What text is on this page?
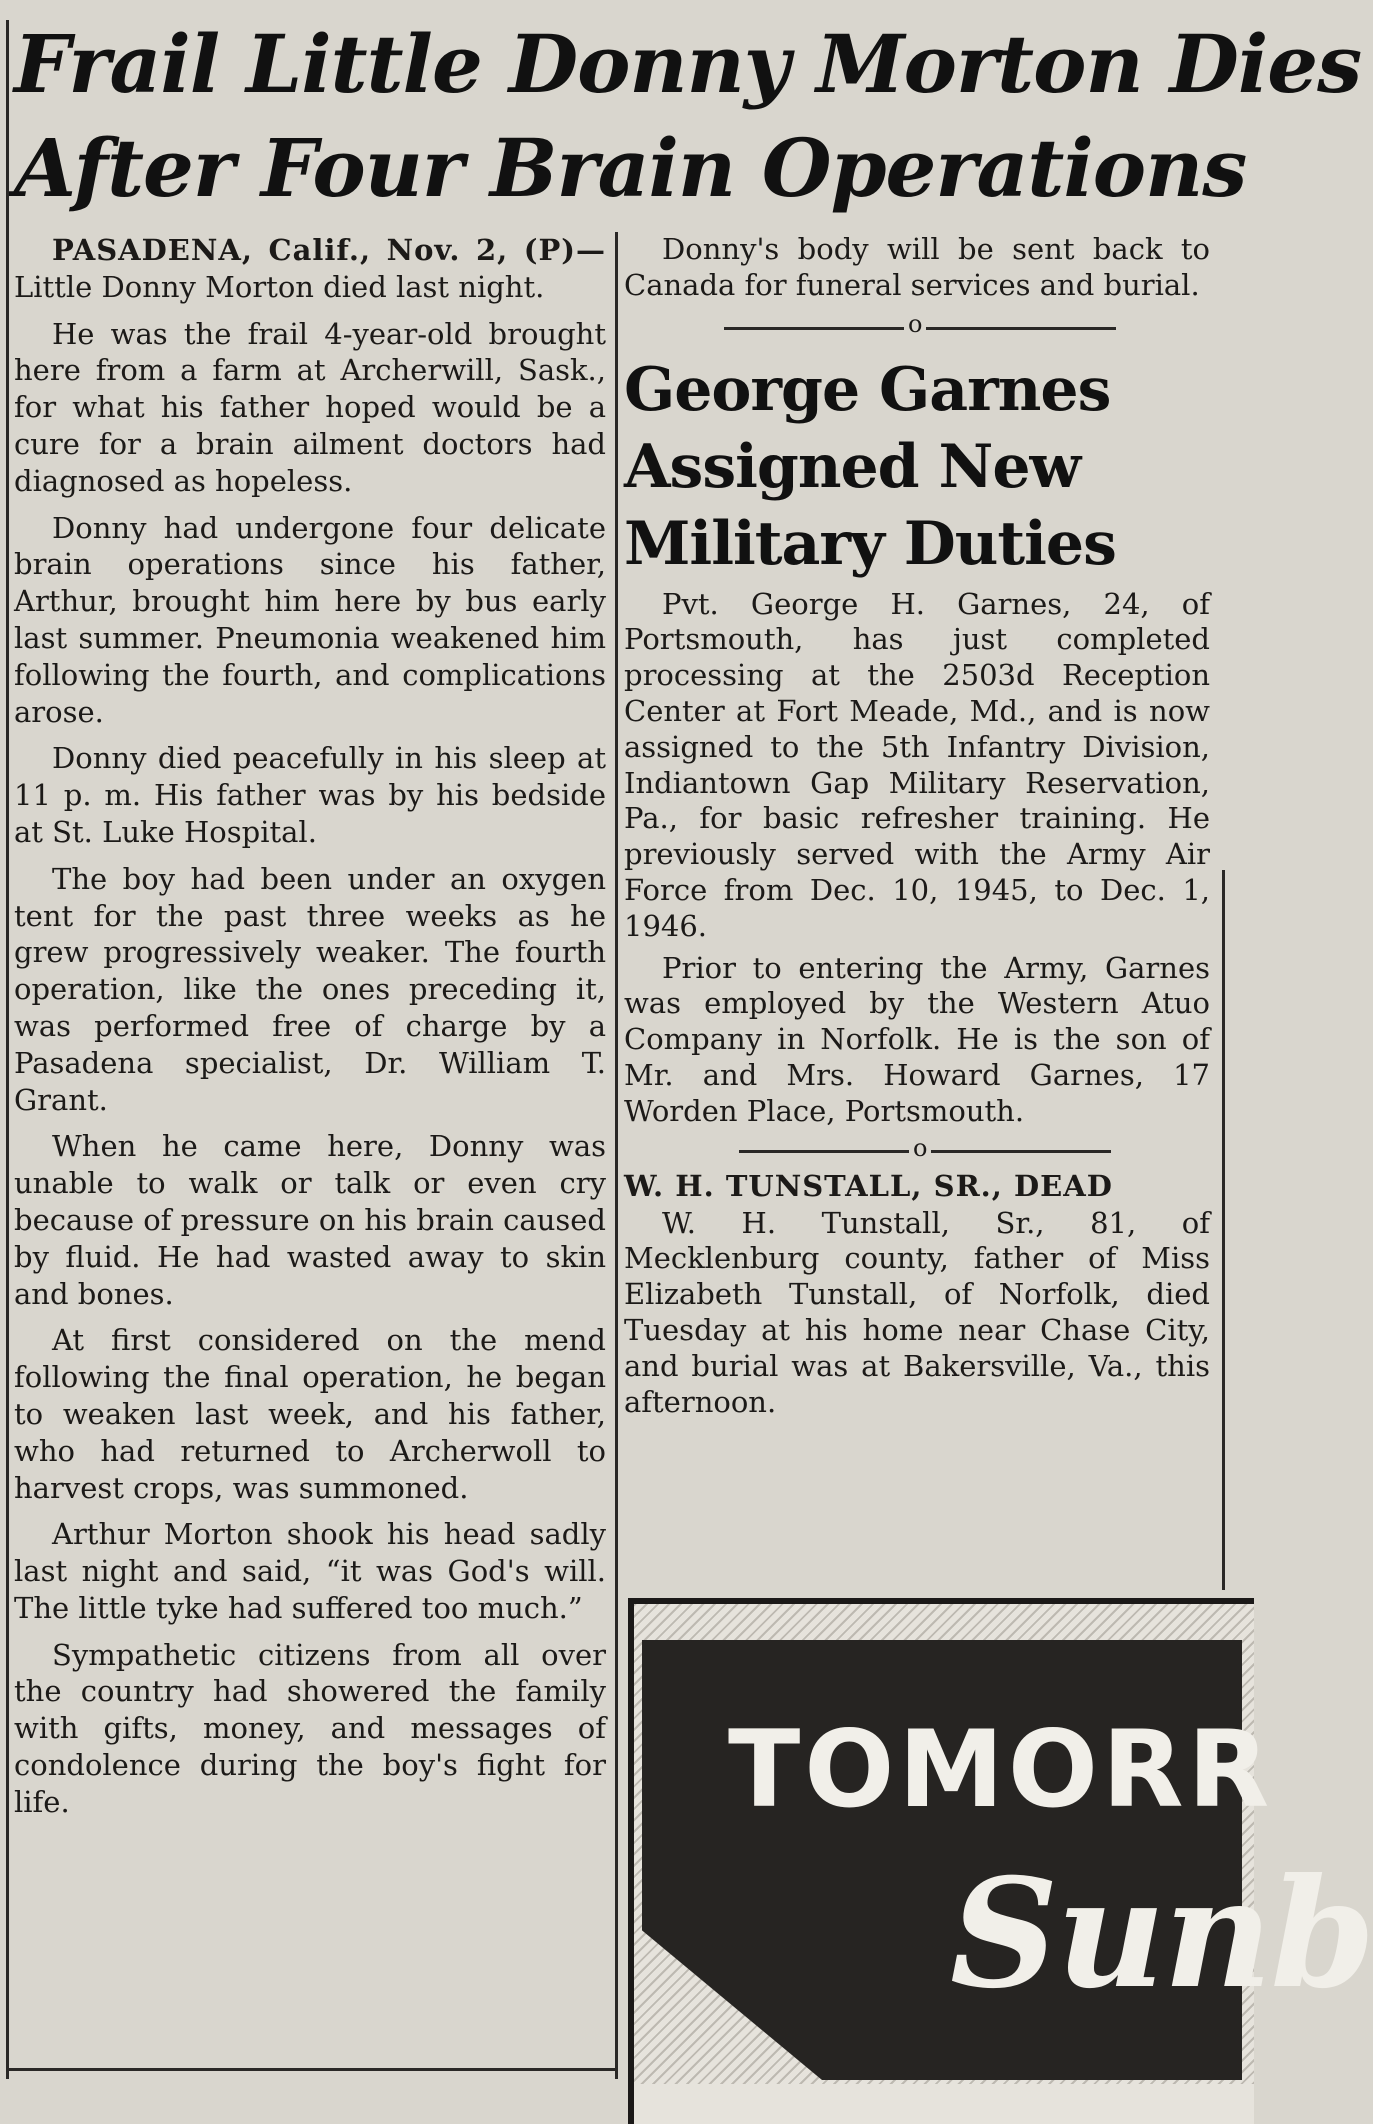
Frail Little Donny Morton Dies
After Four Brain Operations

PASADENA, Calif., Nov. 2, (P)— Little Donny Morton died last night.

He was the frail 4-year-old brought here from a farm at Archerwill, Sask., for what his father hoped would be a cure for a brain ailment doctors had diagnosed as hopeless.

Donny had undergone four delicate brain operations since his father, Arthur, brought him here by bus early last summer. Pneumonia weakened him following the fourth, and complications arose.

Donny died peacefully in his sleep at 11 p. m. His father was by his bedside at St. Luke Hospital.

The boy had been under an oxygen tent for the past three weeks as he grew progressively weaker. The fourth operation, like the ones preceding it, was performed free of charge by a Pasadena specialist, Dr. William T. Grant.

When he came here, Donny was unable to walk or talk or even cry because of pressure on his brain caused by fluid. He had wasted away to skin and bones.

At first considered on the mend following the final operation, he began to weaken last week, and his father, who had returned to Archerwoll to harvest crops, was summoned.

Arthur Morton shook his head sadly last night and said, “it was God's will. The little tyke had suffered too much.”

Sympathetic citizens from all over the country had showered the family with gifts, money, and messages of condolence during the boy's fight for life.

Donny's body will be sent back to Canada for funeral services and burial.

o
George Garnes
Assigned New
Military Duties

Pvt. George H. Garnes, 24, of Portsmouth, has just completed processing at the 2503d Reception Center at Fort Meade, Md., and is now assigned to the 5th Infantry Division, Indiantown Gap Military Reservation, Pa., for basic refresher training. He previously served with the Army Air Force from Dec. 10, 1945, to Dec. 1, 1946.

Prior to entering the Army, Garnes was employed by the Western Atuo Company in Norfolk. He is the son of Mr. and Mrs. Howard Garnes, 17 Worden Place, Portsmouth.

o
W. H. TUNSTALL, SR., DEAD

W. H. Tunstall, Sr., 81, of Mecklenburg county, father of Miss Elizabeth Tunstall, of Norfolk, died Tuesday at his home near Chase City, and burial was at Bakersville, Va., this afternoon.

TOMORR
Sunb
